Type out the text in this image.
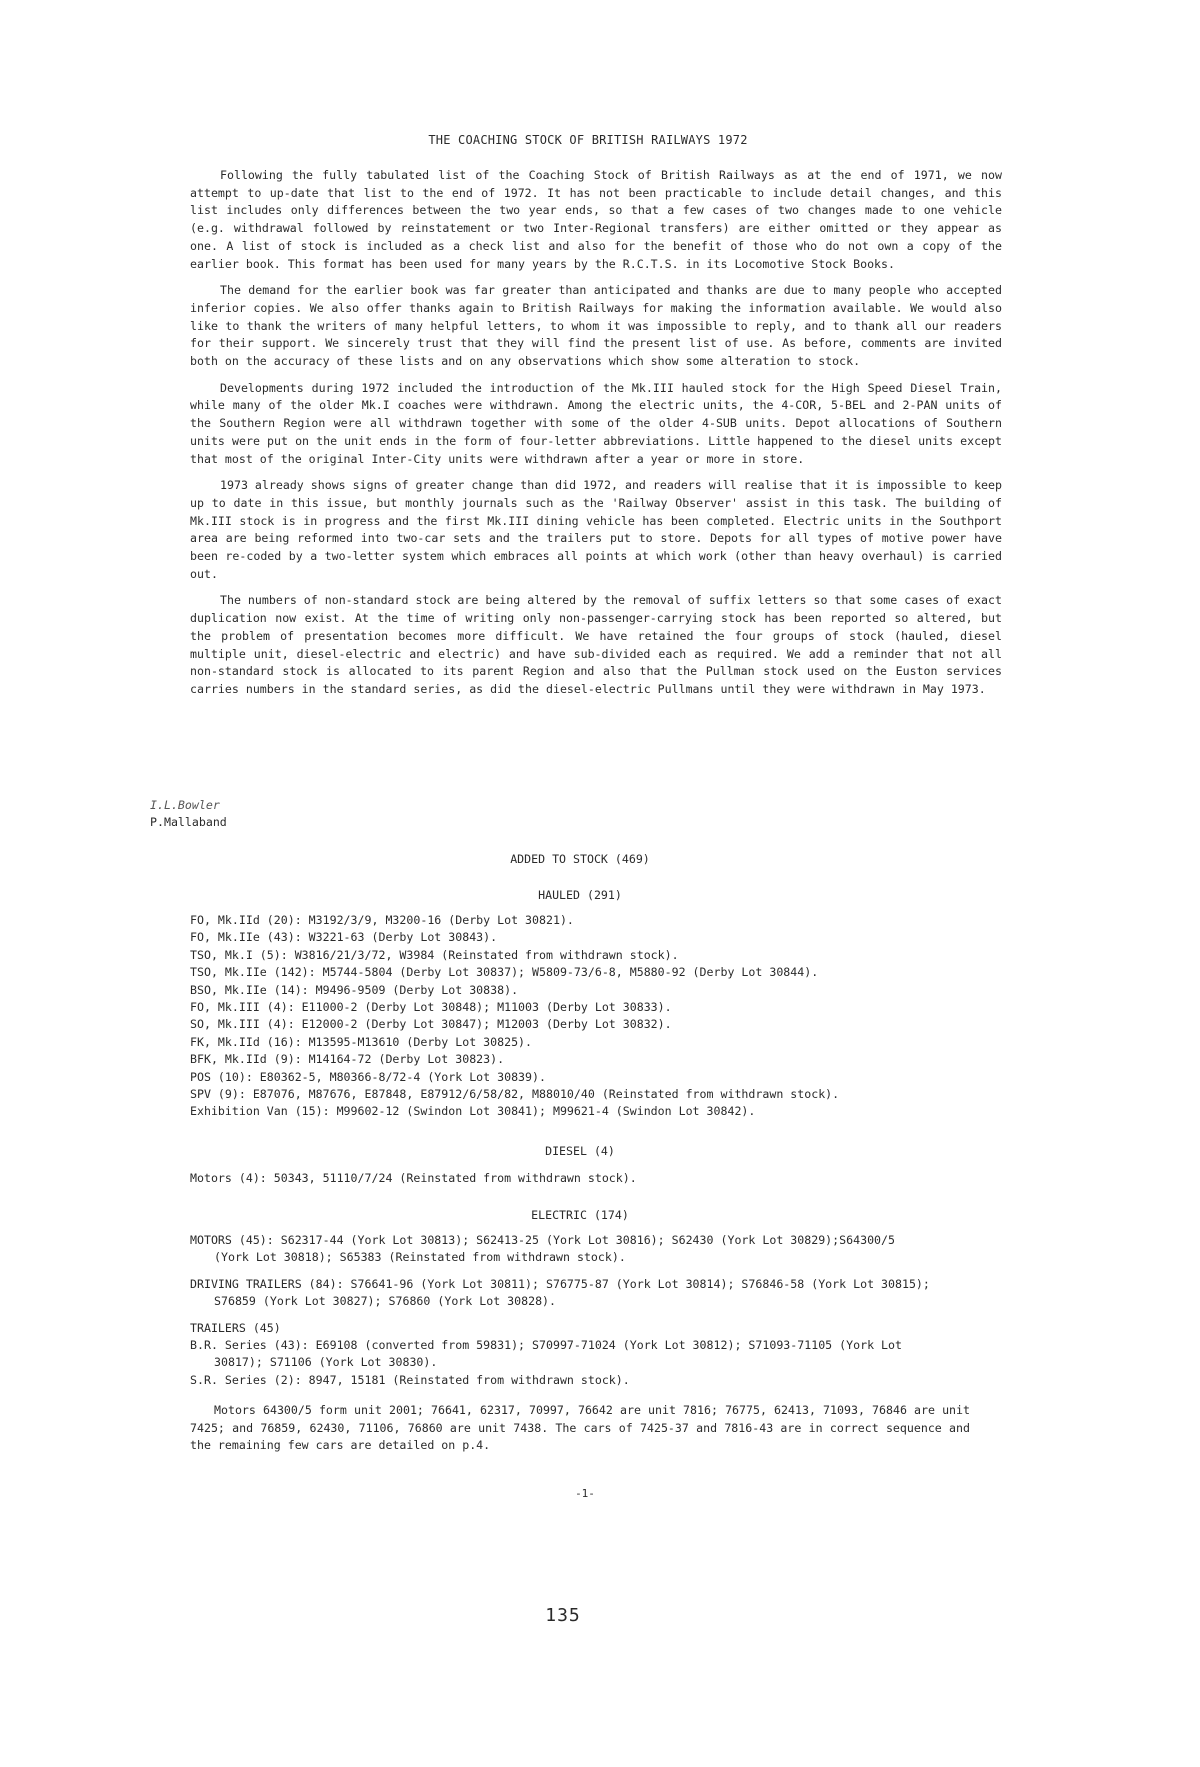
THE COACHING STOCK OF BRITISH RAILWAYS 1972

Following the fully tabulated list of the Coaching Stock of British Railways as at the end of 1971, we now attempt to up-date that list to the end of 1972. It has not been practicable to include detail changes, and this list includes only differences between the two year ends, so that a few cases of two changes made to one vehicle (e.g. withdrawal followed by reinstatement or two Inter-Regional transfers) are either omitted or they appear as one. A list of stock is included as a check list and also for the benefit of those who do not own a copy of the earlier book. This format has been used for many years by the R.C.T.S. in its Locomotive Stock Books.

The demand for the earlier book was far greater than anticipated and thanks are due to many people who accepted inferior copies. We also offer thanks again to British Railways for making the information available. We would also like to thank the writers of many helpful letters, to whom it was impossible to reply, and to thank all our readers for their support. We sincerely trust that they will find the present list of use. As before, comments are invited both on the accuracy of these lists and on any observations which show some alteration to stock.

Developments during 1972 included the introduction of the Mk.III hauled stock for the High Speed Diesel Train, while many of the older Mk.I coaches were withdrawn. Among the electric units, the 4-COR, 5-BEL and 2-PAN units of the Southern Region were all withdrawn together with some of the older 4-SUB units. Depot allocations of Southern units were put on the unit ends in the form of four-letter abbreviations. Little happened to the diesel units except that most of the original Inter-City units were withdrawn after a year or more in store.

1973 already shows signs of greater change than did 1972, and readers will realise that it is impossible to keep up to date in this issue, but monthly journals such as the 'Railway Observer' assist in this task. The building of Mk.III stock is in progress and the first Mk.III dining vehicle has been completed. Electric units in the Southport area are being reformed into two-car sets and the trailers put to store. Depots for all types of motive power have been re-coded by a two-letter system which embraces all points at which work (other than heavy overhaul) is carried out.

The numbers of non-standard stock are being altered by the removal of suffix letters so that some cases of exact duplication now exist. At the time of writing only non-passenger-carrying stock has been reported so altered, but the problem of presentation becomes more difficult. We have retained the four groups of stock (hauled, diesel multiple unit, diesel-electric and electric) and have sub-divided each as required. We add a reminder that not all non-standard stock is allocated to its parent Region and also that the Pullman stock used on the Euston services carries numbers in the standard series, as did the diesel-electric Pullmans until they were withdrawn in May 1973.

I.L.Bowler
P.Mallaband
ADDED TO STOCK (469)
HAULED (291)
FO, Mk.IId (20): M3192/3/9, M3200-16 (Derby Lot 30821).
FO, Mk.IIe (43): W3221-63 (Derby Lot 30843).
TSO, Mk.I (5): W3816/21/3/72, W3984 (Reinstated from withdrawn stock).
TSO, Mk.IIe (142): M5744-5804 (Derby Lot 30837); W5809-73/6-8, M5880-92 (Derby Lot 30844).
BSO, Mk.IIe (14): M9496-9509 (Derby Lot 30838).
FO, Mk.III (4): E11000-2 (Derby Lot 30848); M11003 (Derby Lot 30833).
SO, Mk.III (4): E12000-2 (Derby Lot 30847); M12003 (Derby Lot 30832).
FK, Mk.IId (16): M13595-M13610 (Derby Lot 30825).
BFK, Mk.IId (9): M14164-72 (Derby Lot 30823).
POS (10): E80362-5, M80366-8/72-4 (York Lot 30839).
SPV (9): E87076, M87676, E87848, E87912/6/58/82, M88010/40 (Reinstated from withdrawn stock).
Exhibition Van (15): M99602-12 (Swindon Lot 30841); M99621-4 (Swindon Lot 30842).
DIESEL (4)
Motors (4): 50343, 51110/7/24 (Reinstated from withdrawn stock).
ELECTRIC (174)
MOTORS (45): S62317-44 (York Lot 30813); S62413-25 (York Lot 30816); S62430 (York Lot 30829);S64300/5
(York Lot 30818); S65383 (Reinstated from withdrawn stock).
DRIVING TRAILERS (84): S76641-96 (York Lot 30811); S76775-87 (York Lot 30814); S76846-58 (York Lot 30815);
S76859 (York Lot 30827); S76860 (York Lot 30828).
TRAILERS (45)
B.R. Series (43): E69108 (converted from 59831); S70997-71024 (York Lot 30812); S71093-71105 (York Lot
30817); S71106 (York Lot 30830).
S.R. Series (2): 8947, 15181 (Reinstated from withdrawn stock).

Motors 64300/5 form unit 2001; 76641, 62317, 70997, 76642 are unit 7816; 76775, 62413, 71093, 76846 are unit 7425; and 76859, 62430, 71106, 76860 are unit 7438. The cars of 7425-37 and 7816-43 are in correct sequence and the remaining few cars are detailed on p.4.

-1-
135
